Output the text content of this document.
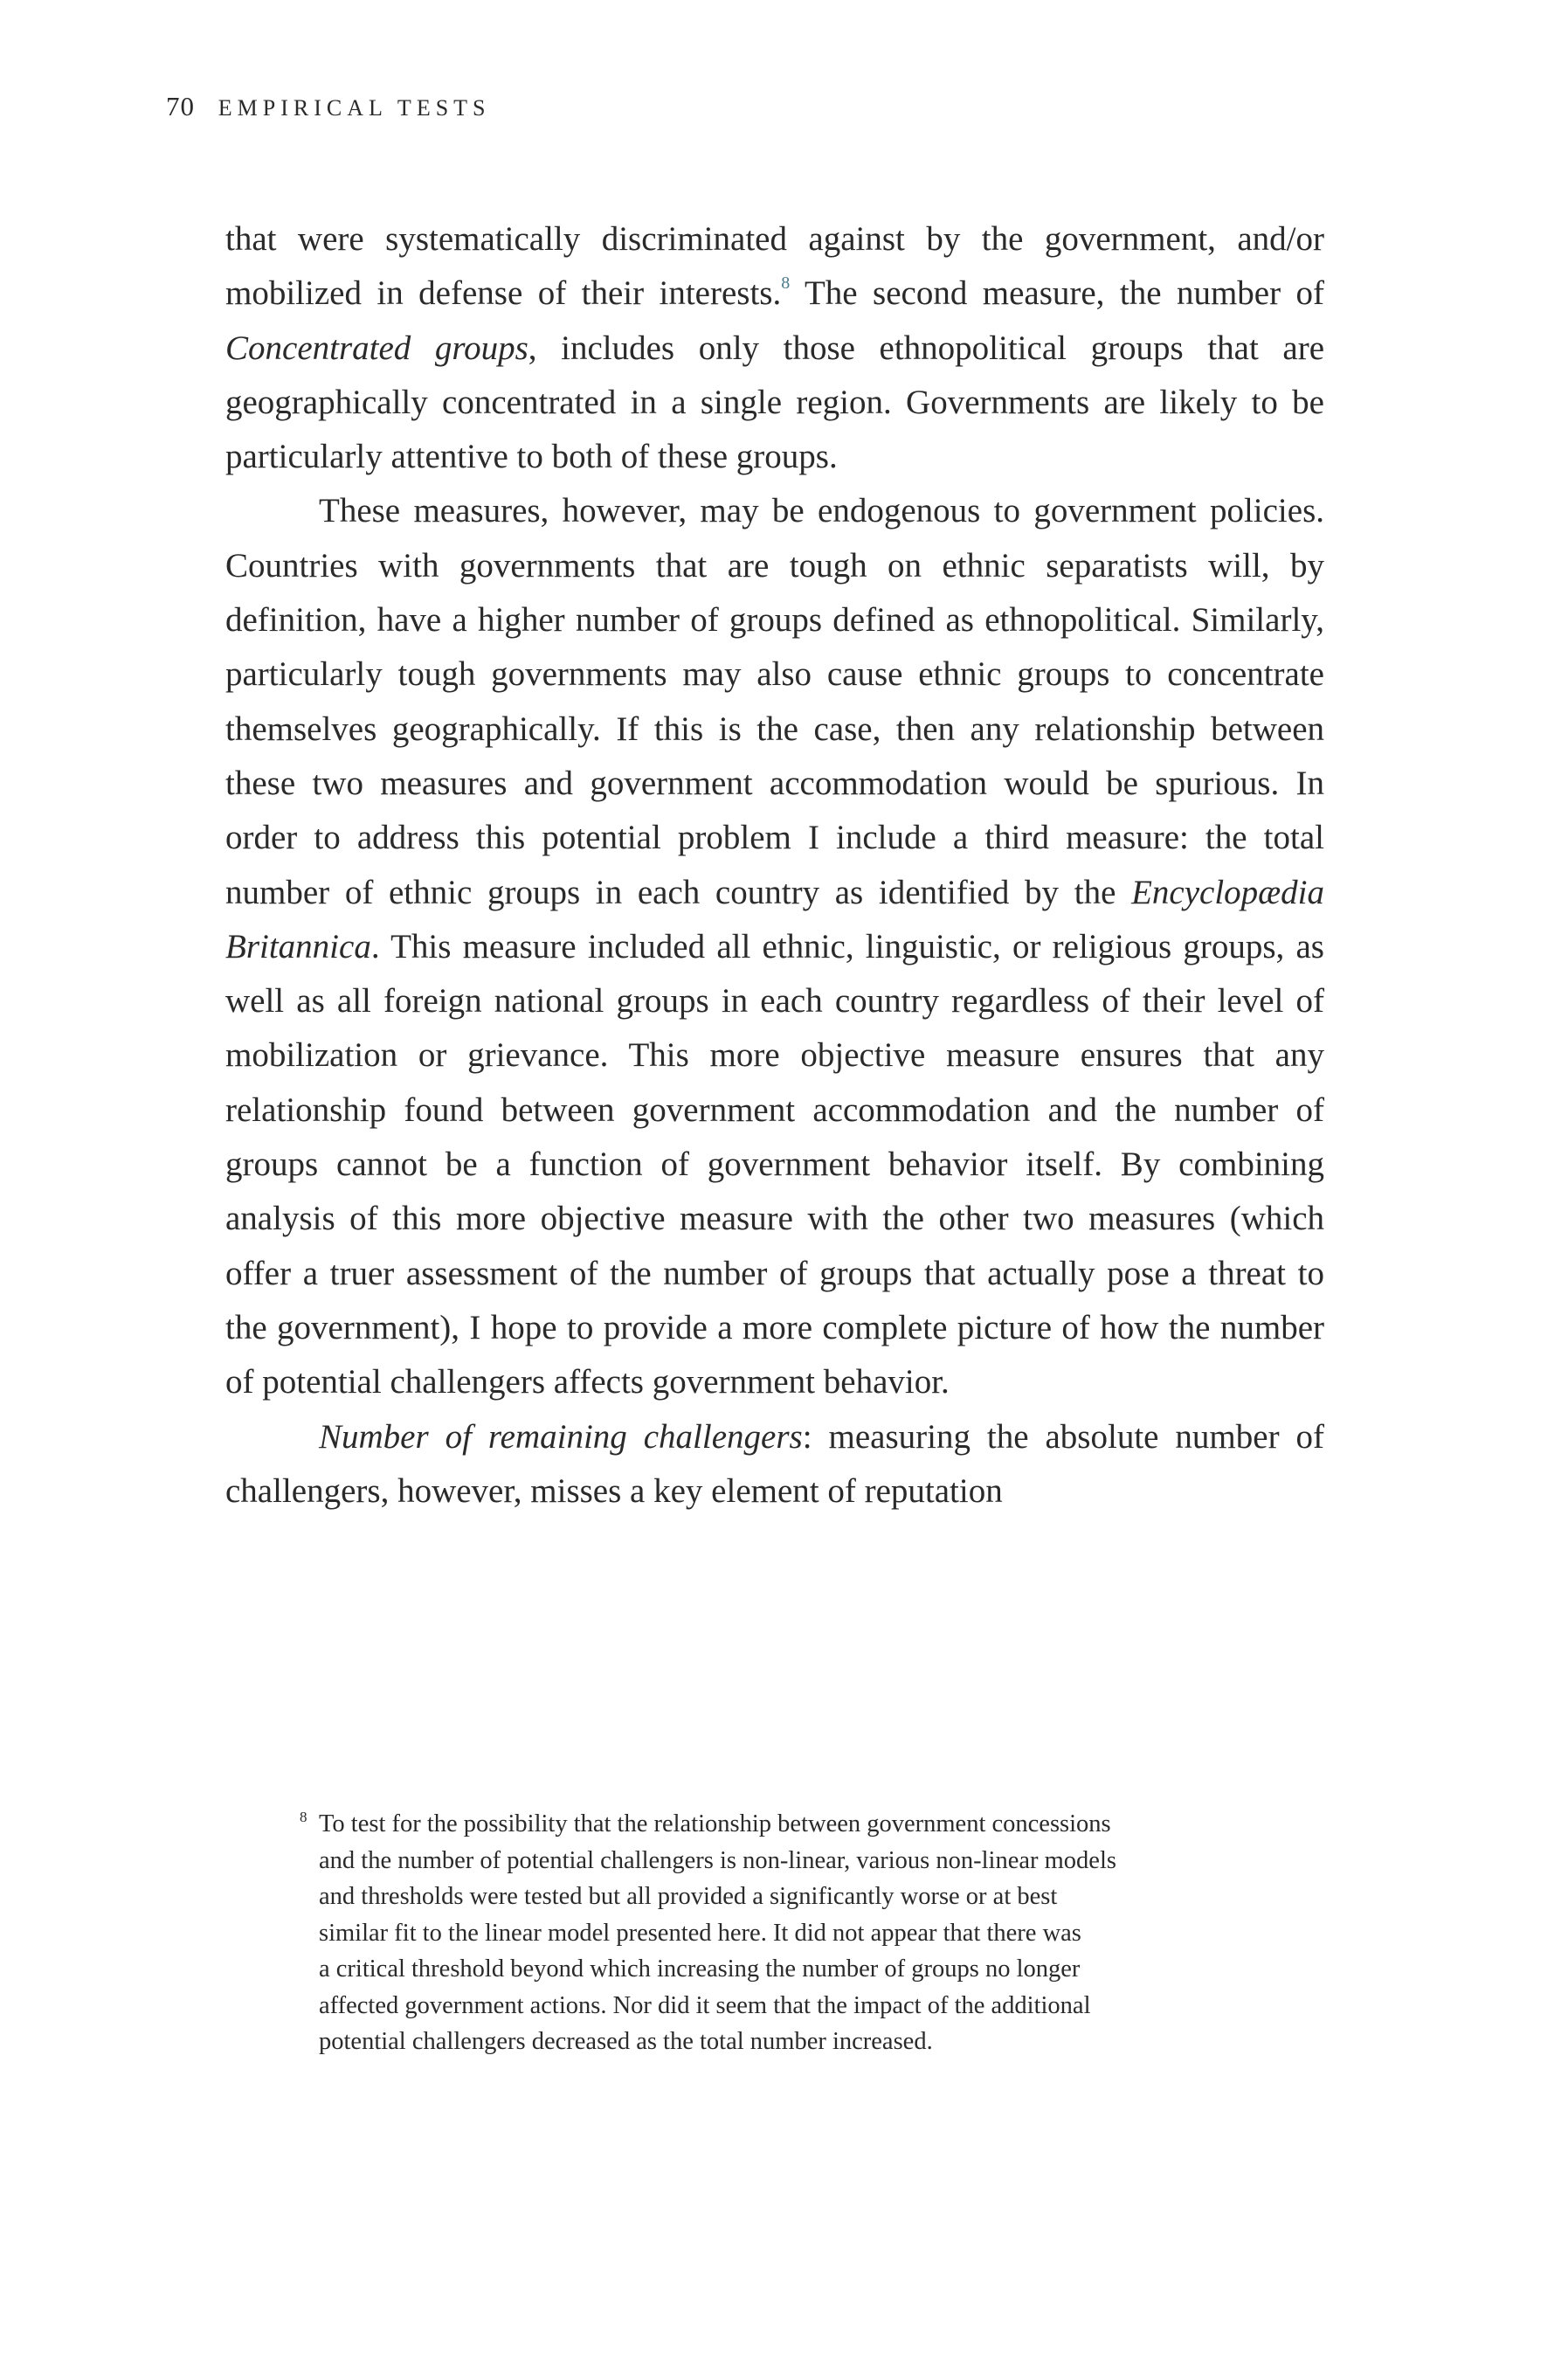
70 EMPIRICAL TESTS

that were systematically discriminated against by the government, and/or mobilized in defense of their interests.$^8$ The second measure, the number of Concentrated groups, includes only those ethnopolitical groups that are geographically concentrated in a single region. Governments are likely to be particularly attentive to both of these groups.

These measures, however, may be endogenous to government policies. Countries with governments that are tough on ethnic separatists will, by definition, have a higher number of groups defined as ethnopolitical. Similarly, particularly tough governments may also cause ethnic groups to concentrate themselves geographically. If this is the case, then any relationship between these two measures and government accommodation would be spurious. In order to address this potential problem I include a third measure: the total number of ethnic groups in each country as identified by the Encyclopædia Britannica. This measure included all ethnic, linguistic, or religious groups, as well as all foreign national groups in each country regardless of their level of mobilization or grievance. This more objective measure ensures that any relationship found between government accommodation and the number of groups cannot be a function of government behavior itself. By combining analysis of this more objective measure with the other two measures (which offer a truer assessment of the number of groups that actually pose a threat to the government), I hope to provide a more complete picture of how the number of potential challengers affects government behavior.

Number of remaining challengers: measuring the absolute number of challengers, however, misses a key element of reputation

8 To test for the possibility that the relationship between government concessions
and the number of potential challengers is non-linear, various non-linear models
and thresholds were tested but all provided a significantly worse or at best
similar fit to the linear model presented here. It did not appear that there was
a critical threshold beyond which increasing the number of groups no longer
affected government actions. Nor did it seem that the impact of the additional
potential challengers decreased as the total number increased.
